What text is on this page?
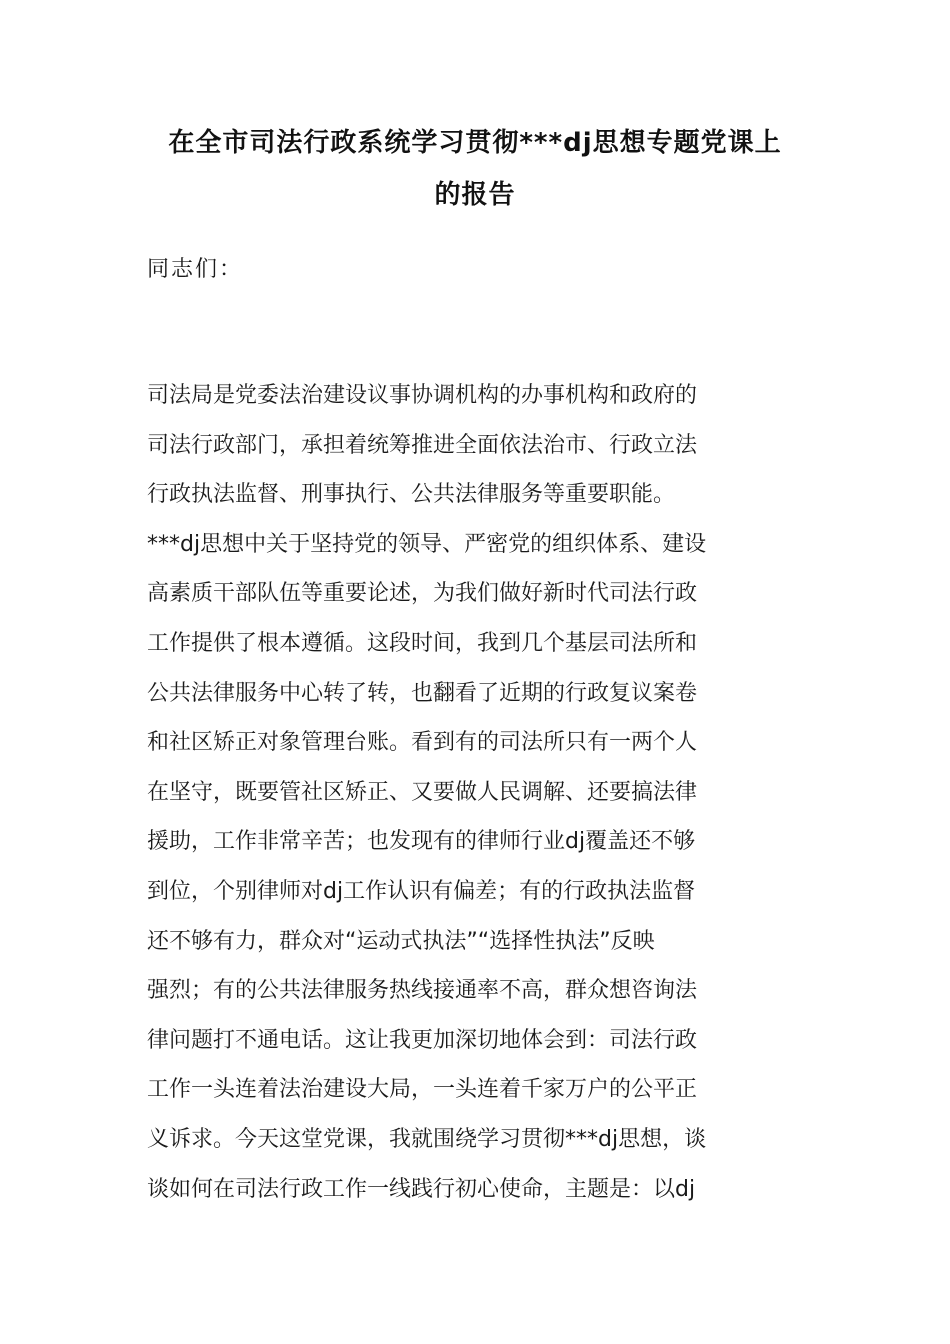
在全市司法行政系统学习贯彻***dj思想专题党课上
的报告
同志们：
司法局是党委法治建设议事协调机构的办事机构和政府的
司法行政部门，承担着统筹推进全面依法治市、行政立法
行政执法监督、刑事执行、公共法律服务等重要职能。
***dj思想中关于坚持党的领导、严密党的组织体系、建设
高素质干部队伍等重要论述，为我们做好新时代司法行政
工作提供了根本遵循。这段时间，我到几个基层司法所和
公共法律服务中心转了转，也翻看了近期的行政复议案卷
和社区矫正对象管理台账。看到有的司法所只有一两个人
在坚守，既要管社区矫正、又要做人民调解、还要搞法律
援助，工作非常辛苦；也发现有的律师行业dj覆盖还不够
到位，个别律师对dj工作认识有偏差；有的行政执法监督
还不够有力，群众对“运动式执法”“选择性执法”反映
强烈；有的公共法律服务热线接通率不高，群众想咨询法
律问题打不通电话。这让我更加深切地体会到：司法行政
工作一头连着法治建设大局，一头连着千家万户的公平正
义诉求。今天这堂党课，我就围绕学习贯彻***dj思想，谈
谈如何在司法行政工作一线践行初心使命，主题是：以dj
